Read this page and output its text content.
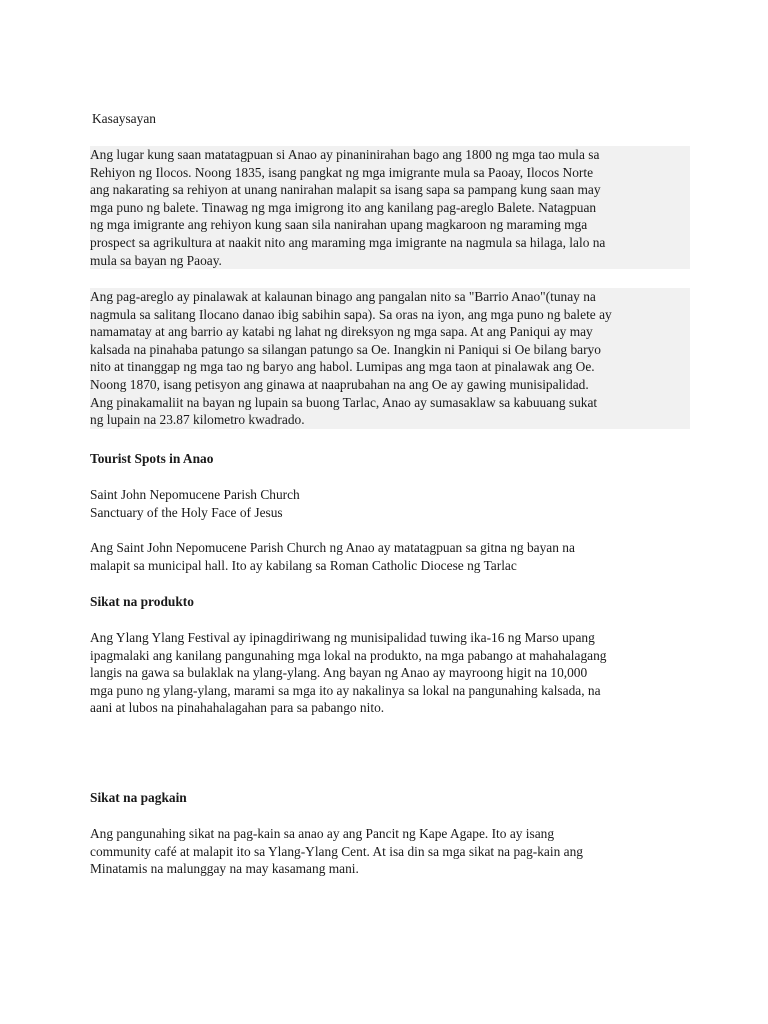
Kasaysayan
Ang lugar kung saan matatagpuan si Anao ay pinaninirahan bago ang 1800 ng mga tao mula sa
Rehiyon ng Ilocos. Noong 1835, isang pangkat ng mga imigrante mula sa Paoay, Ilocos Norte
ang nakarating sa rehiyon at unang nanirahan malapit sa isang sapa sa pampang kung saan may
mga puno ng balete. Tinawag ng mga imigrong ito ang kanilang pag-areglo Balete. Natagpuan
ng mga imigrante ang rehiyon kung saan sila nanirahan upang magkaroon ng maraming mga
prospect sa agrikultura at naakit nito ang maraming mga imigrante na nagmula sa hilaga, lalo na
mula sa bayan ng Paoay.
Ang pag-areglo ay pinalawak at kalaunan binago ang pangalan nito sa "Barrio Anao"(tunay na
nagmula sa salitang Ilocano danao ibig sabihin sapa). Sa oras na iyon, ang mga puno ng balete ay
namamatay at ang barrio ay katabi ng lahat ng direksyon ng mga sapa. At ang Paniqui ay may
kalsada na pinahaba patungo sa silangan patungo sa Oe. Inangkin ni Paniqui si Oe bilang baryo
nito at tinanggap ng mga tao ng baryo ang habol. Lumipas ang mga taon at pinalawak ang Oe.
Noong 1870, isang petisyon ang ginawa at naaprubahan na ang Oe ay gawing munisipalidad.
Ang pinakamaliit na bayan ng lupain sa buong Tarlac, Anao ay sumasaklaw sa kabuuang sukat
ng lupain na 23.87 kilometro kwadrado.
Tourist Spots in Anao
Saint John Nepomucene Parish Church
Sanctuary of the Holy Face of Jesus
Ang Saint John Nepomucene Parish Church ng Anao ay matatagpuan sa gitna ng bayan na
malapit sa municipal hall. Ito ay kabilang sa Roman Catholic Diocese ng Tarlac
Sikat na produkto
Ang Ylang Ylang Festival ay ipinagdiriwang ng munisipalidad tuwing ika-16 ng Marso upang
ipagmalaki ang kanilang pangunahing mga lokal na produkto, na mga pabango at mahahalagang
langis na gawa sa bulaklak na ylang-ylang. Ang bayan ng Anao ay mayroong higit na 10,000
mga puno ng ylang-ylang, marami sa mga ito ay nakalinya sa lokal na pangunahing kalsada, na
aani at lubos na pinahahalagahan para sa pabango nito.
Sikat na pagkain
Ang pangunahing sikat na pag-kain sa anao ay ang Pancit ng Kape Agape. Ito ay isang
community café at malapit ito sa Ylang-Ylang Cent. At isa din sa mga sikat na pag-kain ang
Minatamis na malunggay na may kasamang mani.
